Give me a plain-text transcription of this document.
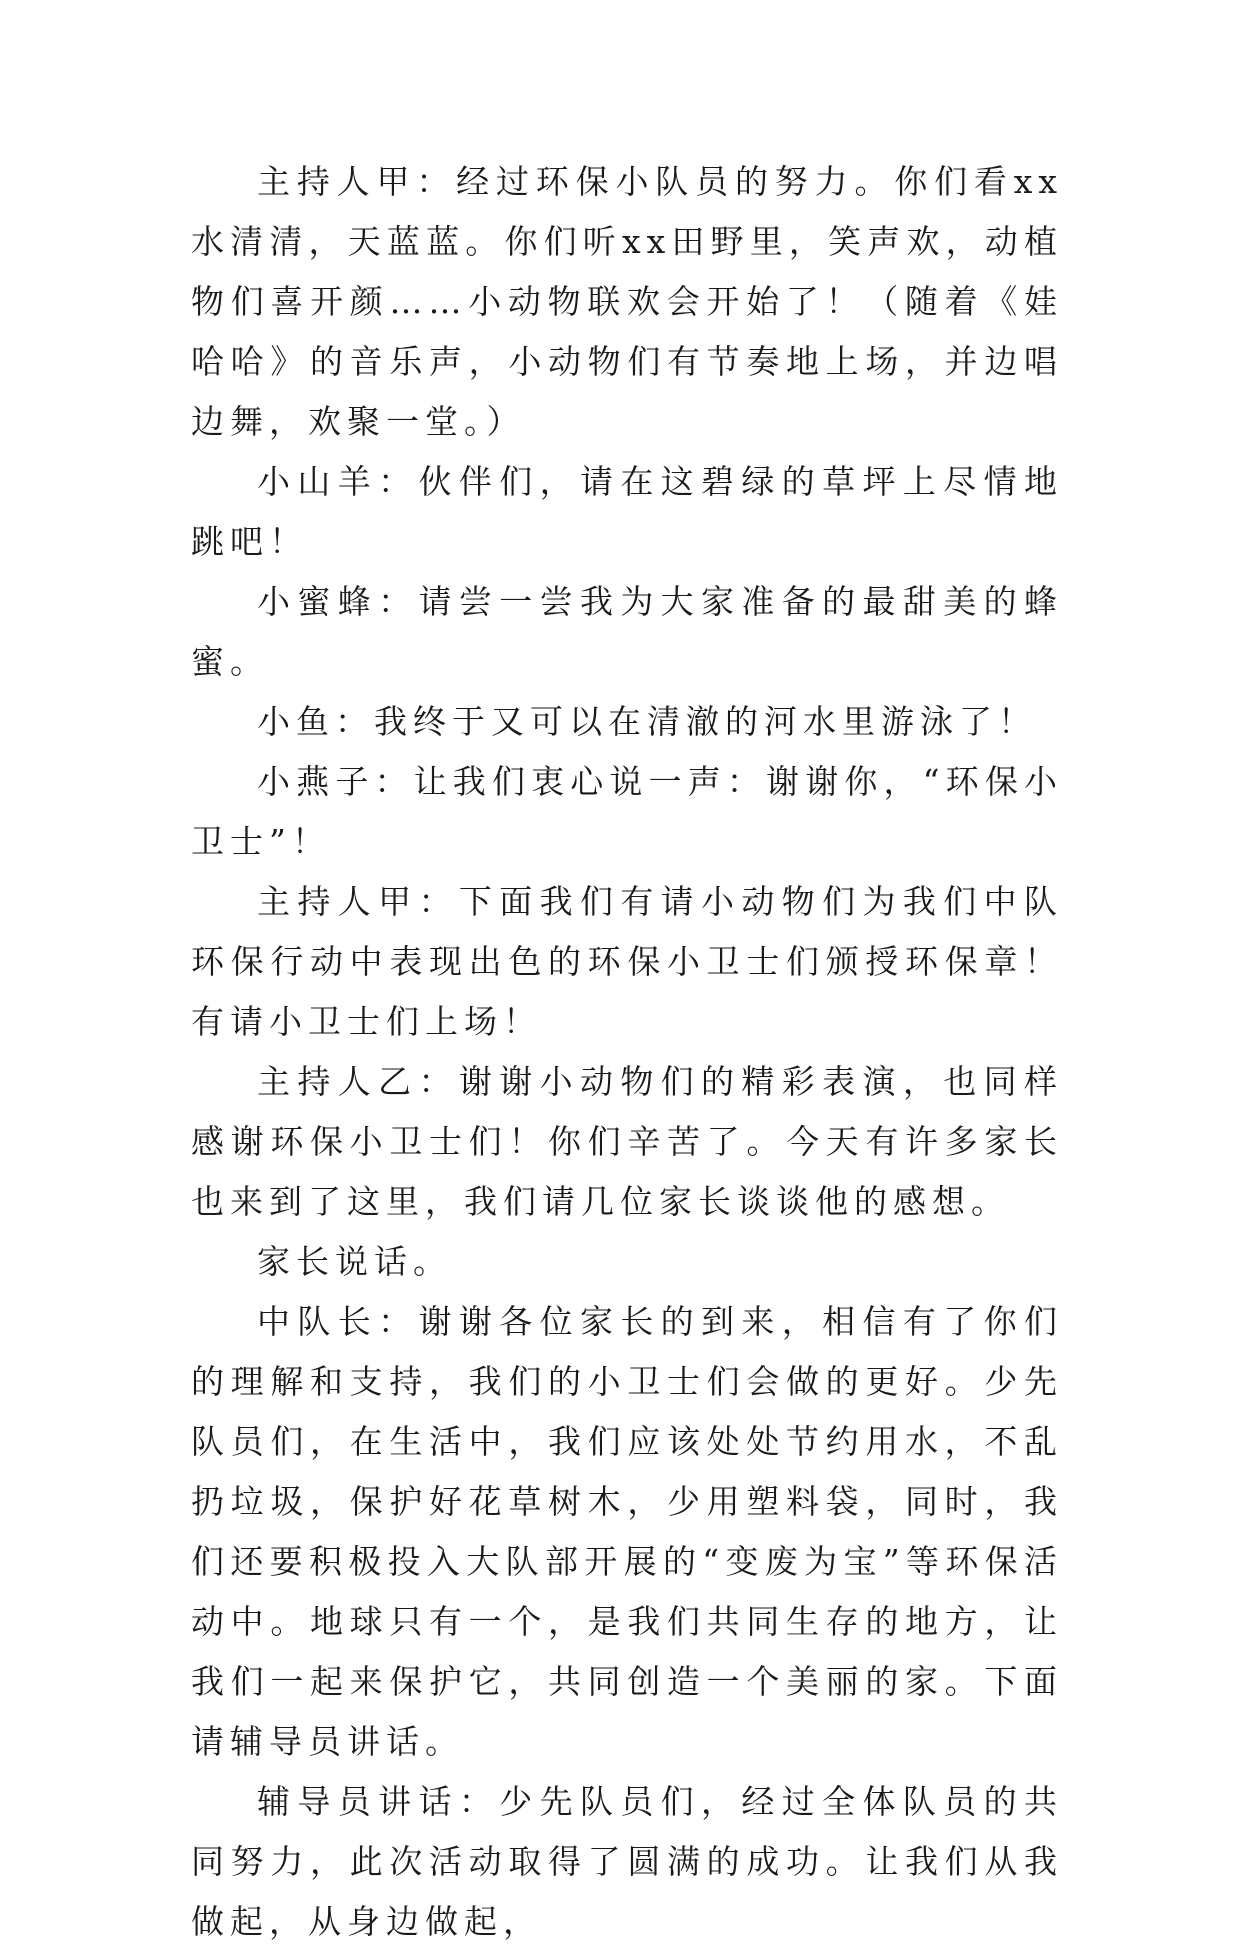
主持人甲：经过环保小队员的努力。你们看xx水清清，天蓝蓝。你们听xx田野里，笑声欢，动植物们喜开颜……小动物联欢会开始了！（随着《娃哈哈》的音乐声，小动物们有节奏地上场，并边唱边舞，欢聚一堂。）

小山羊：伙伴们，请在这碧绿的草坪上尽情地跳吧！

小蜜蜂：请尝一尝我为大家准备的最甜美的蜂蜜。

小鱼：我终于又可以在清澈的河水里游泳了！

小燕子：让我们衷心说一声：谢谢你，“环保小卫士”！

主持人甲：下面我们有请小动物们为我们中队环保行动中表现出色的环保小卫士们颁授环保章！有请小卫士们上场！

主持人乙：谢谢小动物们的精彩表演，也同样感谢环保小卫士们！你们辛苦了。今天有许多家长也来到了这里，我们请几位家长谈谈他的感想。

家长说话。

中队长：谢谢各位家长的到来，相信有了你们的理解和支持，我们的小卫士们会做的更好。少先队员们，在生活中，我们应该处处节约用水，不乱扔垃圾，保护好花草树木，少用塑料袋，同时，我们还要积极投入大队部开展的“变废为宝”等环保活动中。地球只有一个，是我们共同生存的地方，让我们一起来保护它，共同创造一个美丽的家。下面请辅导员讲话。

辅导员讲话：少先队员们，经过全体队员的共同努力，此次活动取得了圆满的成功。让我们从我做起，从身边做起，
